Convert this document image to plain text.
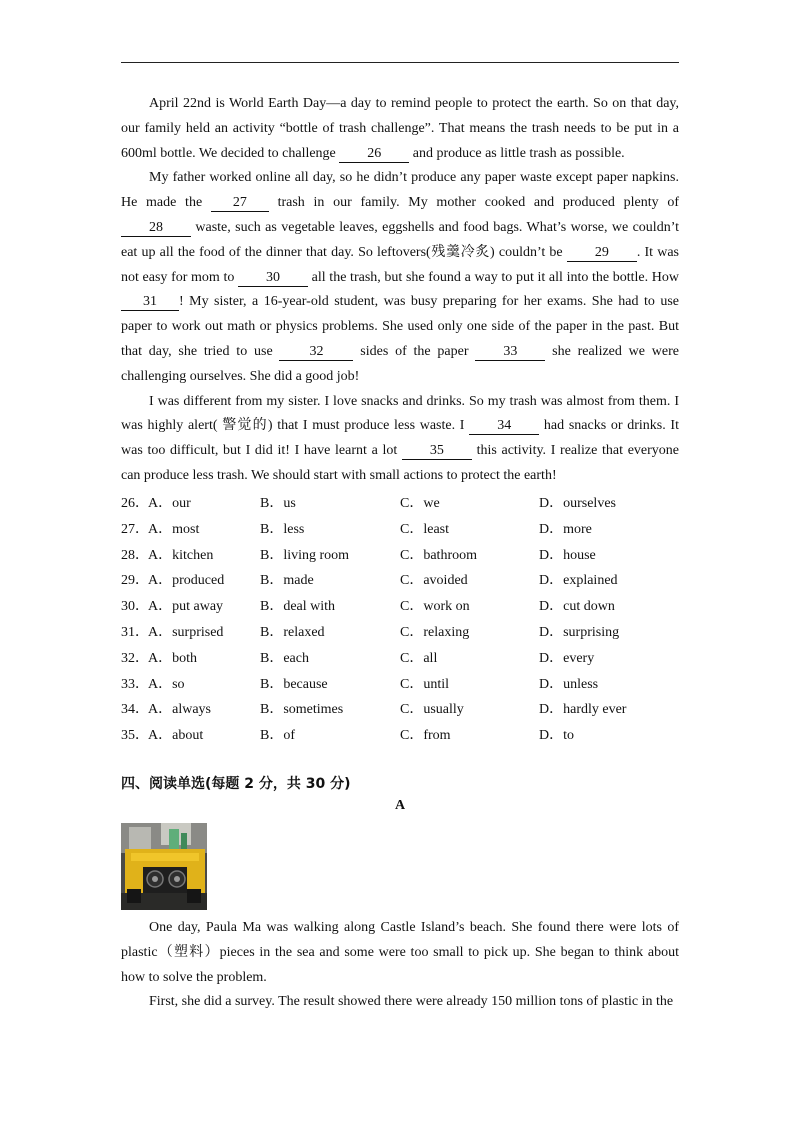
April 22nd is World Earth Day—a day to remind people to protect the earth. So on that day, our family held an activity “bottle of trash challenge”. That means the trash needs to be put in a 600ml bottle. We decided to challenge 26 and produce as little trash as possible.

My father worked online all day, so he didn’t produce any paper waste except paper napkins. He made the 27 trash in our family. My mother cooked and produced plenty of 28 waste, such as vegetable leaves, eggshells and food bags. What’s worse, we couldn’t eat up all the food of the dinner that day. So leftovers(残羹冷炙) couldn’t be 29 . It was not easy for mom to 30 all the trash, but she found a way to put it all into the bottle. How 31 ! My sister, a 16-year-old student, was busy preparing for her exams. She had to use paper to work out math or physics problems. She used only one side of the paper in the past. But that day, she tried to use 32 sides of the paper 33 she realized we were challenging ourselves. She did a good job!

I was different from my sister. I love snacks and drinks. So my trash was almost from them. I was highly alert( 警觉的) that I must produce less waste. I 34 had snacks or drinks. It was too difficult, but I did it! I have learnt a lot 35 this activity. I realize that everyone can produce less trash. We should start with small actions to protect the earth!

26． A．our	B．us	C．we	D．ourselves
27． A．most	B．less	C．least	D．more
28． A．kitchen	B．living room	C．bathroom	D．house
29． A．produced	B．made	C．avoided	D．explained
30． A．put away	B．deal with	C．work on	D．cut down
31． A．surprised	B．relaxed	C．relaxing	D．surprising
32． A．both	B．each	C．all	D．every
33． A．so	B．because	C．until	D．unless
34． A．always	B．sometimes	C．usually	D．hardly ever
35． A．about	B．of	C．from	D．to
四、阅读单选(每题 2 分，共 30 分)
A

One day, Paula Ma was walking along Castle Island’s beach. She found there were lots of plastic（塑料）pieces in the sea and some were too small to pick up. She began to think about how to solve the problem.

First, she did a survey. The result showed there were already 150 million tons of plastic in the
